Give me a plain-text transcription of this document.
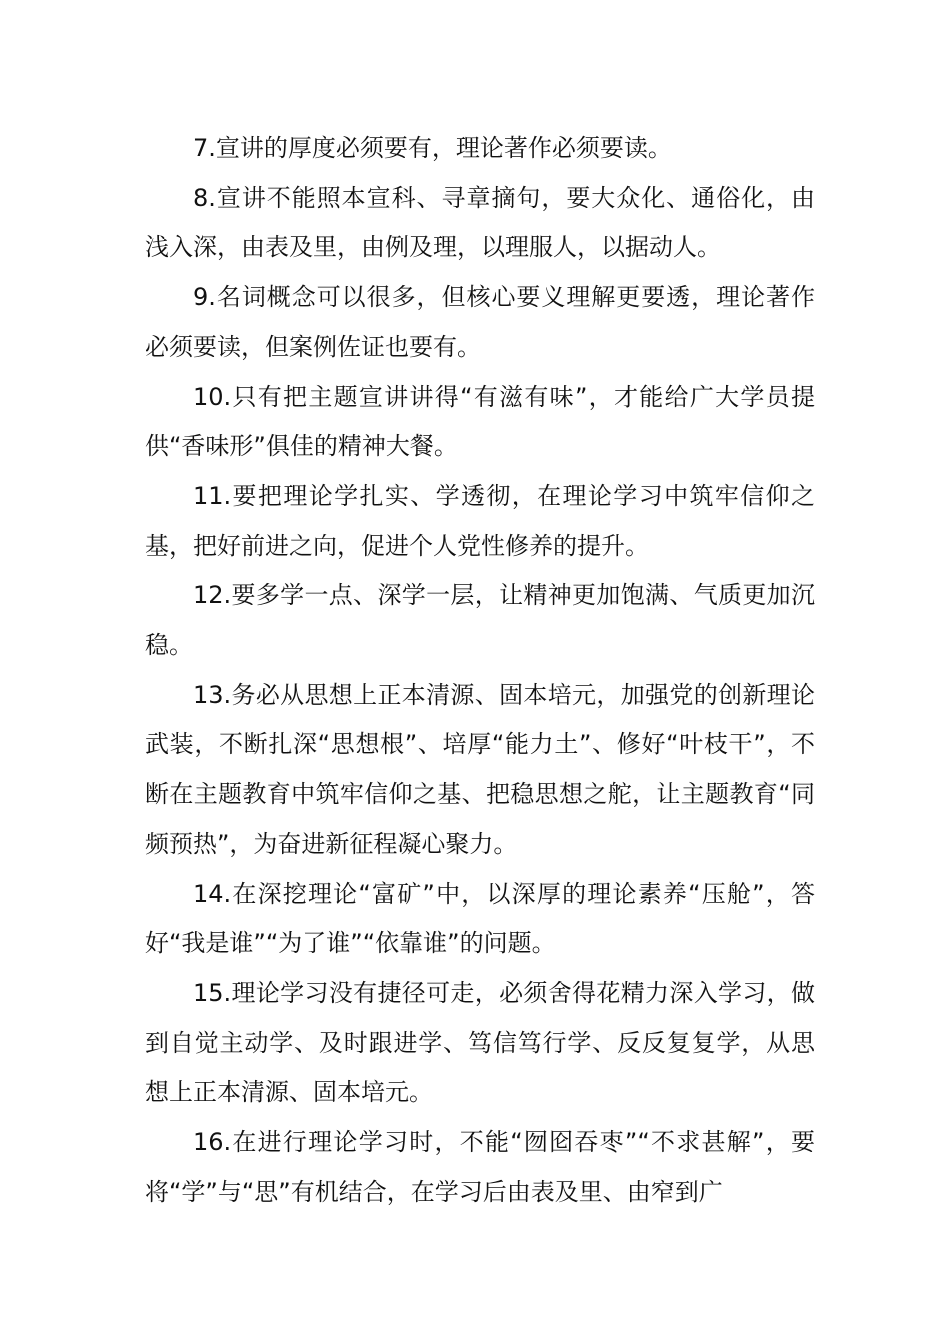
7.宣讲的厚度必须要有，理论著作必须要读。

8.宣讲不能照本宣科、寻章摘句，要大众化、通俗化，由浅入深，由表及里，由例及理，以理服人，以据动人。

9.名词概念可以很多，但核心要义理解更要透，理论著作必须要读，但案例佐证也要有。

10.只有把主题宣讲讲得“有滋有味”，才能给广大学员提供“香味形”俱佳的精神大餐。

11.要把理论学扎实、学透彻，在理论学习中筑牢信仰之基，把好前进之向，促进个人党性修养的提升。

12.要多学一点、深学一层，让精神更加饱满、气质更加沉稳。

13.务必从思想上正本清源、固本培元，加强党的创新理论武装，不断扎深“思想根”、培厚“能力土”、修好“叶枝干”，不断在主题教育中筑牢信仰之基、把稳思想之舵，让主题教育“同频预热”，为奋进新征程凝心聚力。

14.在深挖理论“富矿”中，以深厚的理论素养“压舱”，答好“我是谁”“为了谁”“依靠谁”的问题。

15.理论学习没有捷径可走，必须舍得花精力深入学习，做到自觉主动学、及时跟进学、笃信笃行学、反反复复学，从思想上正本清源、固本培元。

16.在进行理论学习时，不能“囫囵吞枣”“不求甚解”，要将“学”与“思”有机结合，在学习后由表及里、由窄到广
